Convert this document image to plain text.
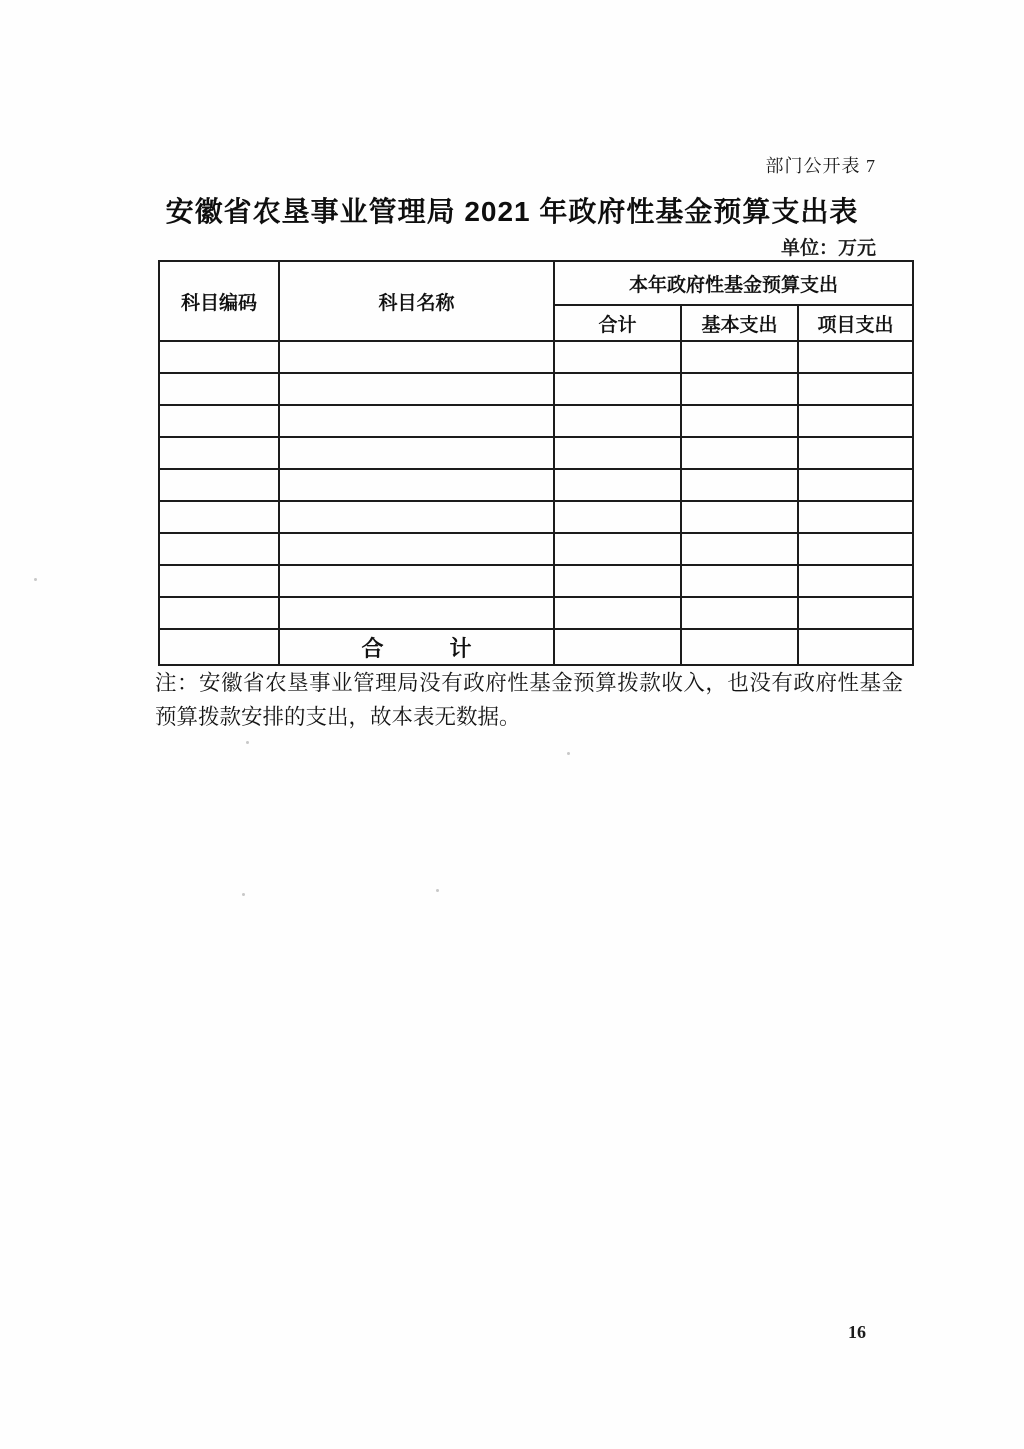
部门公开表 7
安徽省农垦事业管理局 2021 年政府性基金预算支出表
单位：万元
科目编码	科目名称	本年政府性基金预算支出		
		合计	基本支出	项目支出

	合　　　计			

注：安徽省农垦事业管理局没有政府性基金预算拨款收入，也没有政府性基金预算拨款安排的支出，故本表无数据。

16
